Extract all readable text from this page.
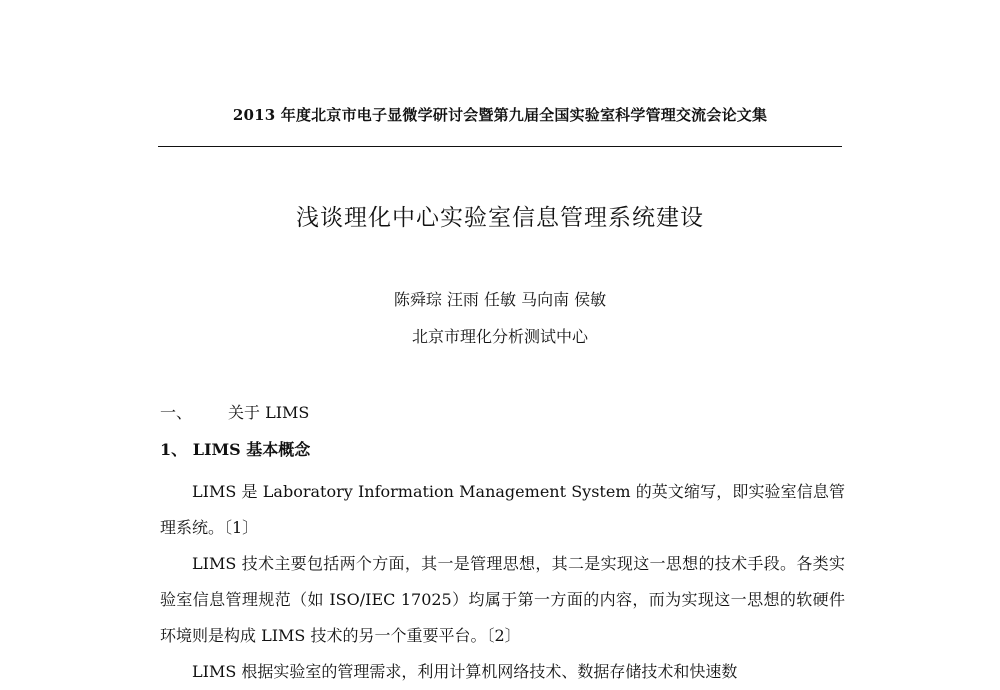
2013 年度北京市电子显微学研讨会暨第九届全国实验室科学管理交流会论文集
浅谈理化中心实验室信息管理系统建设
陈舜琮 汪雨 任敏 马向南 侯敏
北京市理化分析测试中心
一、 关于 LIMS
1、 LIMS 基本概念

LIMS 是 Laboratory Information Management System 的英文缩写，即实验室信息管理系统。〔1〕

LIMS 技术主要包括两个方面，其一是管理思想，其二是实现这一思想的技术手段。各类实验室信息管理规范（如 ISO/IEC 17025）均属于第一方面的内容，而为实现这一思想的软硬件环境则是构成 LIMS 技术的另一个重要平台。〔2〕

LIMS 根据实验室的管理需求，利用计算机网络技术、数据存储技术和快速数
